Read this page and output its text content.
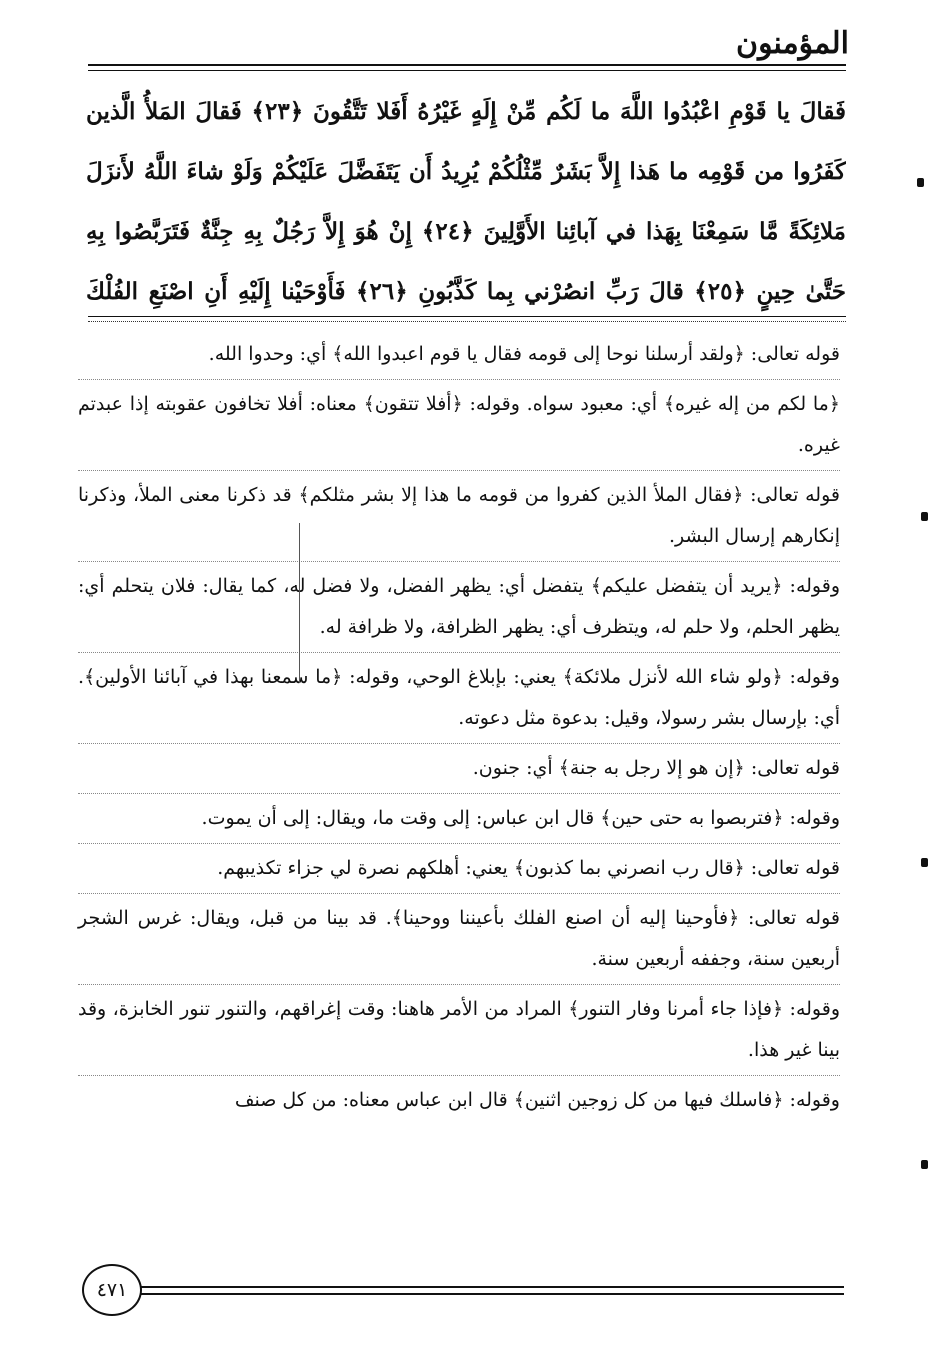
المؤمنون
فَقالَ يا قَوْمِ اعْبُدُوا اللَّهَ ما لَكُم مِّنْ إِلَهٍ غَيْرُهُ أَفَلا تَتَّقُونَ ﴿٢٣﴾ فَقالَ المَلأُ الَّذين
كَفَرُوا من قَوْمِه ما هَذا إِلاَّ بَشَرٌ مِّثْلُكُمْ يُرِيدُ أَن يَتَفَضَّلَ عَلَيْكُمْ وَلَوْ شاءَ اللَّهُ لأَنزَلَ
مَلائِكَةً مَّا سَمِعْنَا بِهَذا في آبائِنا الأَوَّلِينَ ﴿٢٤﴾ إِنْ هُوَ إِلاَّ رَجُلٌ بِهِ جِنَّةٌ فَتَرَبَّصُوا بِهِ
حَتَّىٰ حِينٍ ﴿٢٥﴾ قالَ رَبِّ انصُرْني بِما كَذَّبُونِ ﴿٢٦﴾ فَأَوْحَيْنا إِلَيْهِ أَنِ اصْنَعِ الفُلْكَ

قوله تعالى: ﴿ولقد أرسلنا نوحا إلى قومه فقال يا قوم اعبدوا الله﴾ أي: وحدوا الله.

﴿ما لكم من إله غيره﴾ أي: معبود سواه. وقوله: ﴿أفلا تتقون﴾ معناه: أفلا تخافون عقوبته إذا عبدتم غيره.

قوله تعالى: ﴿فقال الملأ الذين كفروا من قومه ما هذا إلا بشر مثلكم﴾ قد ذكرنا معنى الملأ، وذكرنا إنكارهم إرسال البشر.

وقوله: ﴿يريد أن يتفضل عليكم﴾ يتفضل أي: يظهر الفضل، ولا فضل له، كما يقال: فلان يتحلم أي: يظهر الحلم، ولا حلم له، ويتظرف أي: يظهر الظرافة، ولا ظرافة له.

وقوله: ﴿ولو شاء الله لأنزل ملائكة﴾ يعني: بإبلاغ الوحي، وقوله: ﴿ما سمعنا بهذا في آبائنا الأولين﴾. أي: بإرسال بشر رسولا، وقيل: بدعوة مثل دعوته.

قوله تعالى: ﴿إن هو إلا رجل به جنة﴾ أي: جنون.

وقوله: ﴿فتربصوا به حتى حين﴾ قال ابن عباس: إلى وقت ما، ويقال: إلى أن يموت.

قوله تعالى: ﴿قال رب انصرني بما كذبون﴾ يعني: أهلكهم نصرة لي جزاء تكذيبهم.

قوله تعالى: ﴿فأوحينا إليه أن اصنع الفلك بأعيننا ووحينا﴾. قد بينا من قبل، ويقال: غرس الشجر أربعين سنة، وجففه أربعين سنة.

وقوله: ﴿فإذا جاء أمرنا وفار التنور﴾ المراد من الأمر هاهنا: وقت إغراقهم، والتنور تنور الخابزة، وقد بينا غير هذا.

وقوله: ﴿فاسلك فيها من كل زوجين اثنين﴾ قال ابن عباس معناه: من كل صنف

٤٧١
